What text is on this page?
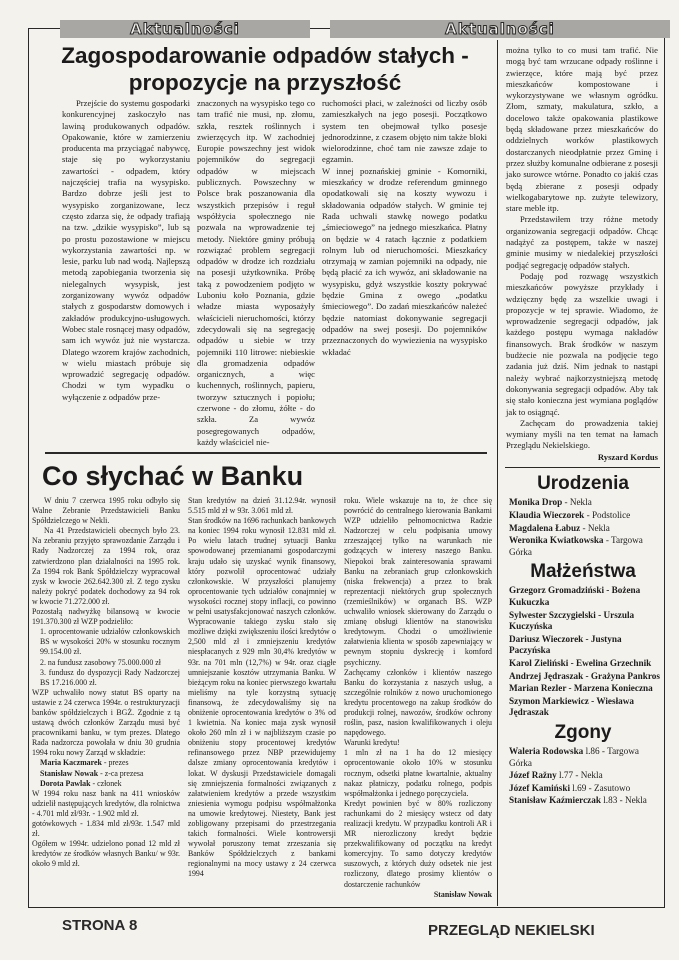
Aktualności	Aktualności
Zagospodarowanie odpadów stałych - propozycje na przyszłość

Przejście do systemu gospodarki konkurencyjnej zaskoczyło nas lawiną produkowanych odpadów. Opakowanie, które w zamierzeniu producenta ma przyciągać nabywcę, staje się po wykorzystaniu zawartości - odpadem, który najczęściej trafia na wysypisko. Bardzo dobrze jeśli jest to wysypisko zorganizowane, lecz często zdarza się, że odpady trafiają na tzw. „dzikie wysypisko”, lub są po prostu pozostawione w miejscu wykorzystania zawartości np. w lesie, parku lub nad wodą. Najlepszą metodą zapobiegania tworzenia się nielegalnych wysypisk, jest zorganizowany wywóz odpadów stałych z gospodarstw domowych i zakładów produkcyjno-usługowych. Wobec stale rosnącej masy odpadów, sam ich wywóz już nie wystarcza. Dlatego wzorem krajów zachodnich, w wielu miastach próbuje się wprowadzić segregację odpadów. Chodzi w tym wypadku o wyłączenie z odpadów prze-

znaczonych na wysypisko tego co tam trafić nie musi, np. złomu, szkła, resztek roślinnych i zwierzęcych itp. W zachodniej Europie powszechny jest widok pojemników do segregacji odpadów w miejscach publicznych. Powszechny w Polsce brak poszanowania dla wszystkich przepisów i reguł współżycia społecznego nie pozwala na wprowadzenie tej metody. Niektóre gminy próbują rozwiązać problem segregacji odpadów w drodze ich rozdziału na posesji użytkownika. Próbę taką z powodzeniem podjęto w Luboniu koło Poznania, gdzie władze miasta wyposażyły właścicieli nieruchomości, którzy zdecydowali się na segregację odpadów u siebie w trzy pojemniki 110 litrowe: niebieskie dla gromadzenia odpadów organicznych, a więc kuchennych, roślinnych, papieru, tworzyw sztucznych i popiołu; czerwone - do złomu, żółte - do szkła. Za wywóz posegregowanych odpadów, każdy właściciel nie-

ruchomości płaci, w zależności od liczby osób zamieszkałych na jego posesji. Początkowo system ten obejmował tylko posesje jednorodzinne, z czasem objęto nim także bloki wielorodzinne, choć tam nie zawsze zdaje to egzamin.

W innej poznańskiej gminie - Komorniki, mieszkańcy w drodze referendum gminnego opodatkowali się na koszty wywozu i składowania odpadów stałych. W gminie tej Rada uchwali stawkę nowego podatku „śmieciowego” na jednego mieszkańca. Płatny on będzie w 4 ratach łącznie z podatkiem rolnym lub od nieruchomości. Mieszkańcy otrzymają w zamian pojemniki na odpady, nie będą płacić za ich wywóz, ani składowanie na wysypisku, gdyż wszystkie koszty pokrywać będzie Gmina z owego „podatku śmieciowego”. Do zadań mieszkańców należeć będzie natomiast dokonywanie segregacji odpadów na swej posesji. Do pojemników przeznaczonych do wywiezienia na wysypisko wkładać

można tylko to co musi tam trafić. Nie mogą być tam wrzucane odpady roślinne i zwierzęce, które mają być przez mieszkańców kompostowane i wykorzystywane we własnym ogródku. Złom, szmaty, makulatura, szkło, a docelowo także opakowania plastikowe będą składowane przez mieszkańców do oddzielnych worków plastikowych dostarczanych nieodpłatnie przez Gminę i przez służby komunalne odbierane z posesji jako surowce wtórne. Ponadto co jakiś czas będą zbierane z posesji odpady wielkogabarytowe np. zużyte telewizory, stare meble itp.

Przedstawiłem trzy różne metody organizowania segregacji odpadów. Chcąc nadążyć za postępem, także w naszej gminie musimy w niedalekiej przyszłości podjąć segregację odpadów stałych.

Podaję pod rozwagę wszystkich mieszkańców powyższe przykłady i wdzięczny będę za wszelkie uwagi i propozycje w tej sprawie. Wiadomo, że wprowadzenie segregacji odpadów, jak każdego postępu wymaga nakładów finansowych. Brak środków w naszym budżecie nie pozwala na podjęcie tego zadania już dziś. Nim jednak to nastąpi należy wybrać najkorzystniejszą metodę dokonywania segregacji odpadów. Aby tak się stało konieczna jest wymiana poglądów jak to osiągnąć.

Zachęcam do prowadzenia takiej wymiany myśli na ten temat na łamach Przeglądu Nekielskiego.

Ryszard Kordus

Co słychać w Banku

W dniu 7 czerwca 1995 roku odbyło się Walne Zebranie Przedstawicieli Banku Spółdzielczego w Nekli.

Na 41 Przedstawicieli obecnych było 23. Na zebraniu przyjęto sprawozdanie Zarządu i Rady Nadzorczej za 1994 rok, oraz zatwierdzono plan działalności na 1995 rok. Za 1994 rok Bank Spółdzielczy wypracował zysk w kwocie 262.642.300 zł. Z tego zysku należy pokryć podatek dochodowy za 94 rok w kwocie 71.272.000 zł.

Pozostałą nadwyżkę bilansową w kwocie 191.370.300 zł WZP podzieliło:

1. oprocentowanie udziałów członkowskich BS w wysokości 20% w stosunku rocznym 99.154.00 zł.

2. na fundusz zasobowy 75.000.000 zł

3. fundusz do dyspozycji Rady Nadzorczej BS 17.216.000 zł.

WZP uchwaliło nowy statut BS oparty na ustawie z 24 czerwca 1994r. o restrukturyzacji banków spółdzielczych i BGŻ. Zgodnie z tą ustawą dwóch członków Zarządu musi być pracownikami banku, w tym prezes. Dlatego Rada nadzorcza powołała w dniu 30 grudnia 1994 roku nowy Zarząd w składzie:

Maria Kaczmarek - prezes

Stanisław Nowak - z-ca prezesa

Dorota Pawlak - członek

W 1994 roku nasz bank na 411 wniosków udzielił następujących kredytów, dla rolnictwa - 4.701 mld zł/93r. - 1.902 mld zł.

gotówkowych - 1.834 mld zł/93r. 1.547 mld zł.

Ogółem w 1994r. udzielono ponad 12 mld zł kredytów ze środków własnych Banku/ w 93r. około 9 mld zł.

Stan kredytów na dzień 31.12.94r. wynosił 5.515 mld zł w 93r. 3.061 mld zł.

Stan środków na 1696 rachunkach bankowych na koniec 1994 roku wynosił 12.831 mld zł. Po wielu latach trudnej sytuacji Banku spowodowanej przemianami gospodarczymi kraju udało się uzyskać wynik finansowy, który pozwolił oprocentować udziały członkowskie. W przyszłości planujemy oprocentowanie tych udziałów conajmniej w wysokości rocznej stopy inflacji, co powinno w pełni usatysfakcjonować naszych członków. Wypracowanie takiego zysku stało się możliwe dzięki zwiększeniu ilości kredytów o 2,500 mld zł i zmniejszeniu kredytów niespłacanych z 929 mln 30,4% kredytów w 93r. na 701 mln (12,7%) w 94r. oraz ciągłe umniejszanie kosztów utrzymania Banku. W bieżącym roku na koniec pierwszego kwartału mieliśmy na tyle korzystną sytuację finansową, że zdecydowaliśmy się na obniżenie oprocentowania kredytów o 3% od 1 kwietnia. Na koniec maja zysk wynosił około 260 mln zł i w najbliższym czasie po obniżeniu stopy procentowej kredytów refinansowego przez NBP przewidujemy dalsze zmiany oprocentowania kredytów i lokat. W dyskusji Przedstawiciele domagali się zmniejszenia formalności związanych z załatwieniem kredytów a przede wszystkim zniesienia wymogu podpisu współmałżonka na umowie kredytowej. Niestety, Bank jest zobligowany przepisami do przestrzegania takich formalności. Wiele kontrowersji wywołał poruszony temat zrzeszania się Banków Spółdzielczych z bankami regionalnymi na mocy ustawy z 24 czerwca 1994

roku. Wiele wskazuje na to, że chce się powrócić do centralnego kierowania Bankami WZP udzieliło pełnomocnictwa Radzie Nadzorczej w celu podpisania umowy zrzeszającej tylko na warunkach nie godzących w interesy naszego Banku. Niepokoi brak zainteresowania sprawami Banku na zebraniach grup członkowskich (niska frekwencja) a przez to brak reprezentacji niektórych grup społecznych (rzemieślników) w organach BS. WZP uchwaliło wniosek skierowany do Zarządu o zmianę obsługi klientów na stanowisku kredytowym. Chodzi o umożliwienie załatwienia klienta w sposób zapewniający w pewnym stopniu dyskrecję i komford psychiczny.

Zachęcamy członków i klientów naszego Banku do korzystania z naszych usług, a szczególnie rolników z nowo uruchomionego kredytu procentowego na zakup środków do produkcji rolnej, nawozów, środków ochrony roślin, pasz, nasion kwalifikowanych i oleju napędowego.

Warunki kredytu!

1 mln zł na 1 ha do 12 miesięcy oprocentowanie około 10% w stosunku rocznym, odsetki płatne kwartalnie, aktualny nakaz płatniczy, podatku rolnego, podpis współmałżonka i jednego poręczyciela.

Kredyt powinien być w 80% rozliczony rachunkami do 2 miesięcy wstecz od daty realizacji kredytu. W przypadku kontroli AR i MR nierozliczony kredyt będzie przekwalifikowany od początku na kredyt komercyjny. To samo dotyczy kredytów suszowych, z których duży odsetek nie jest rozliczony, dlatego prosimy klientów o dostarczenie rachunków

Stanisław Nowak

Urodzenia

Monika Drop - Nekla

Klaudia Wieczorek - Podstolice

Magdalena Łabuz - Nekla

Weronika Kwiatkowska - Targowa Górka

Małżeństwa

Grzegorz Gromadziński - Bożena Kukuczka

Sylwester Szczygielski - Urszula Kuczyńska

Dariusz Wieczorek - Justyna Paczyńska

Karol Zieliński - Ewelina Grzechnik

Andrzej Jędraszak - Grażyna Pankros

Marian Rezler - Marzena Konieczna

Szymon Markiewicz - Wiesława Jędraszak

Zgony

Waleria Rodowska l.86 - Targowa Górka

Józef Ražny l.77 - Nekla

Józef Kamiński l.69 - Zasutowo

Stanisław Kaźmierczak l.83 - Nekla

STRONA 8	PRZEGLĄD NEKIELSKI
